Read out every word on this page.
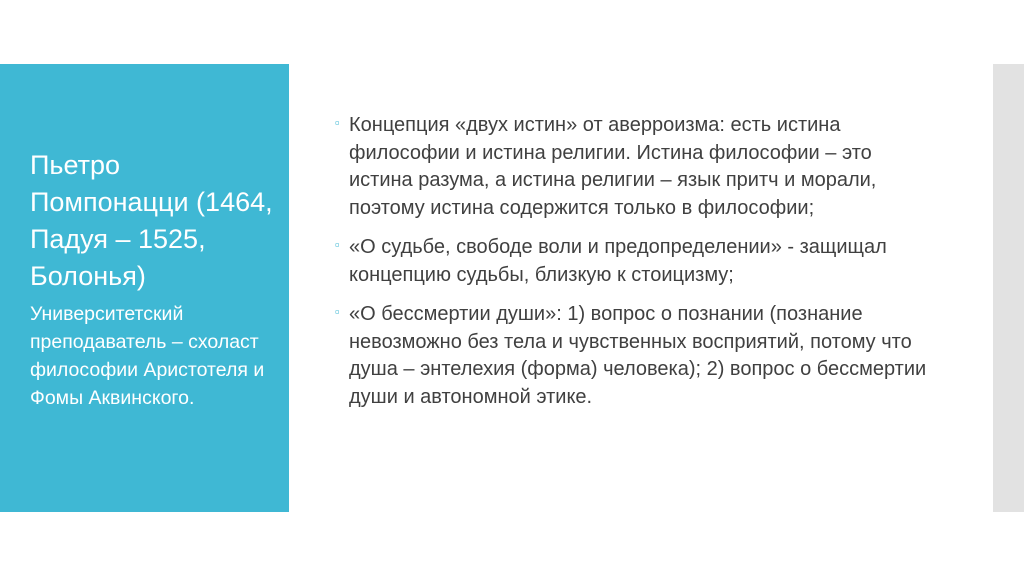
Пьетро Помпонацци (1464, Падуя – 1525, Болонья)

Университетский преподаватель – схоласт философии Аристотеля и Фомы Аквинского.

▫ Концепция «двух истин» от аверроизма: есть истина философии и истина религии. Истина философии – это истина разума, а истина религии – язык притч и морали, поэтому истина содержится только в философии;
▫ «О судьбе, свободе воли и предопределении» - защищал концепцию судьбы, близкую к стоицизму;
▫ «О бессмертии души»: 1) вопрос о познании (познание невозможно без тела и чувственных восприятий, потому что душа – энтелехия (форма) человека); 2) вопрос о бессмертии души и автономной этике.
